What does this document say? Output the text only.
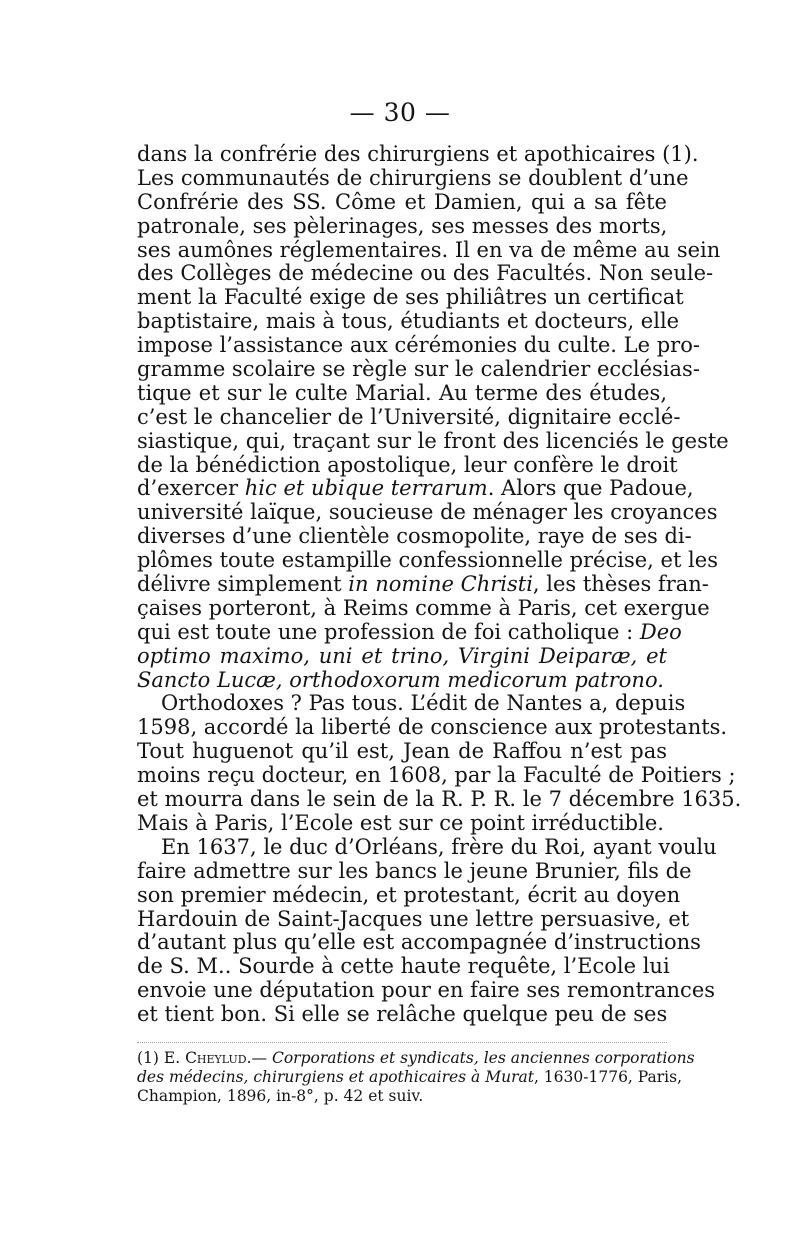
— 30 —
dans la confrérie des chirurgiens et apothicaires (1).
Les communautés de chirurgiens se doublent d’une
Confrérie des SS. Côme et Damien, qui a sa fête
patronale, ses pèlerinages, ses messes des morts,
ses aumônes réglementaires. Il en va de même au sein
des Collèges de médecine ou des Facultés. Non seule-
ment la Faculté exige de ses philiâtres un certificat
baptistaire, mais à tous, étudiants et docteurs, elle
impose l’assistance aux cérémonies du culte. Le pro-
gramme scolaire se règle sur le calendrier ecclésias-
tique et sur le culte Marial. Au terme des études,
c’est le chancelier de l’Université, dignitaire ecclé-
siastique, qui, traçant sur le front des licenciés le geste
de la bénédiction apostolique, leur confère le droit
d’exercer hic et ubique terrarum. Alors que Padoue,
université laïque, soucieuse de ménager les croyances
diverses d’une clientèle cosmopolite, raye de ses di-
plômes toute estampille confessionnelle précise, et les
délivre simplement in nomine Christi, les thèses fran-
çaises porteront, à Reims comme à Paris, cet exergue
qui est toute une profession de foi catholique : Deo
optimo maximo, uni et trino, Virgini Deiparæ, et
Sancto Lucæ, orthodoxorum medicorum patrono.
Orthodoxes ? Pas tous. L’édit de Nantes a, depuis
1598, accordé la liberté de conscience aux protestants.
Tout huguenot qu’il est, Jean de Raffou n’est pas
moins reçu docteur, en 1608, par la Faculté de Poitiers ;
et mourra dans le sein de la R. P. R. le 7 décembre 1635.
Mais à Paris, l’Ecole est sur ce point irréductible.
En 1637, le duc d’Orléans, frère du Roi, ayant voulu
faire admettre sur les bancs le jeune Brunier, fils de
son premier médecin, et protestant, écrit au doyen
Hardouin de Saint-Jacques une lettre persuasive, et
d’autant plus qu’elle est accompagnée d’instructions
de S. M.. Sourde à cette haute requête, l’Ecole lui
envoie une députation pour en faire ses remontrances
et tient bon. Si elle se relâche quelque peu de ses
(1) E. Cheylud.— Corporations et syndicats, les anciennes corporations
des médecins, chirurgiens et apothicaires à Murat, 1630-1776, Paris,
Champion, 1896, in-8°, p. 42 et suiv.
